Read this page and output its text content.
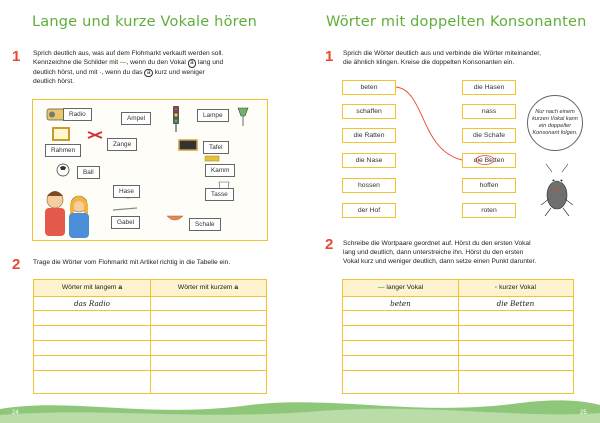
Lange und kurze Vokale hören
1 Sprich deutlich aus, was auf dem Flohmarkt verkauft werden soll.
Kennzeichne die Schilder mit —, wenn du den Vokal a lang und
deutlich hörst, und mit ·, wenn du das a kurz und weniger
deutlich hörst.
Radio
Ampel	Lampe
Rahmen
Zange	Tafel
Ball	Kamm
Hase	Tasse
Gabel	Schale
2 Trage die Wörter vom Flohmarkt mit Artikel richtig in die Tabelle ein.
Wörter mit langem a	Wörter mit kurzem a
das Radio
Wörter mit doppelten Konsonanten
1 Sprich die Wörter deutlich aus und verbinde die Wörter miteinander,
die ähnlich klingen. Kreise die doppelten Konsonanten ein.
beten
schaffen
die Ratten
die Nase
hossen
der Hof
die Hasen
nass
die Schafe
die Betten
hoffen
roten
Nur nach einem kurzen Vokal kann ein doppelter Konsonant folgen.
2 Schreibe die Wortpaare geordnet auf. Hörst du den ersten Vokal
lang und deutlich, dann unterstreiche ihn. Hörst du den ersten
Vokal kurz und weniger deutlich, dann setze einen Punkt darunter.
— langer Vokal	· kurzer Vokal
beten	die Betten
24	25
